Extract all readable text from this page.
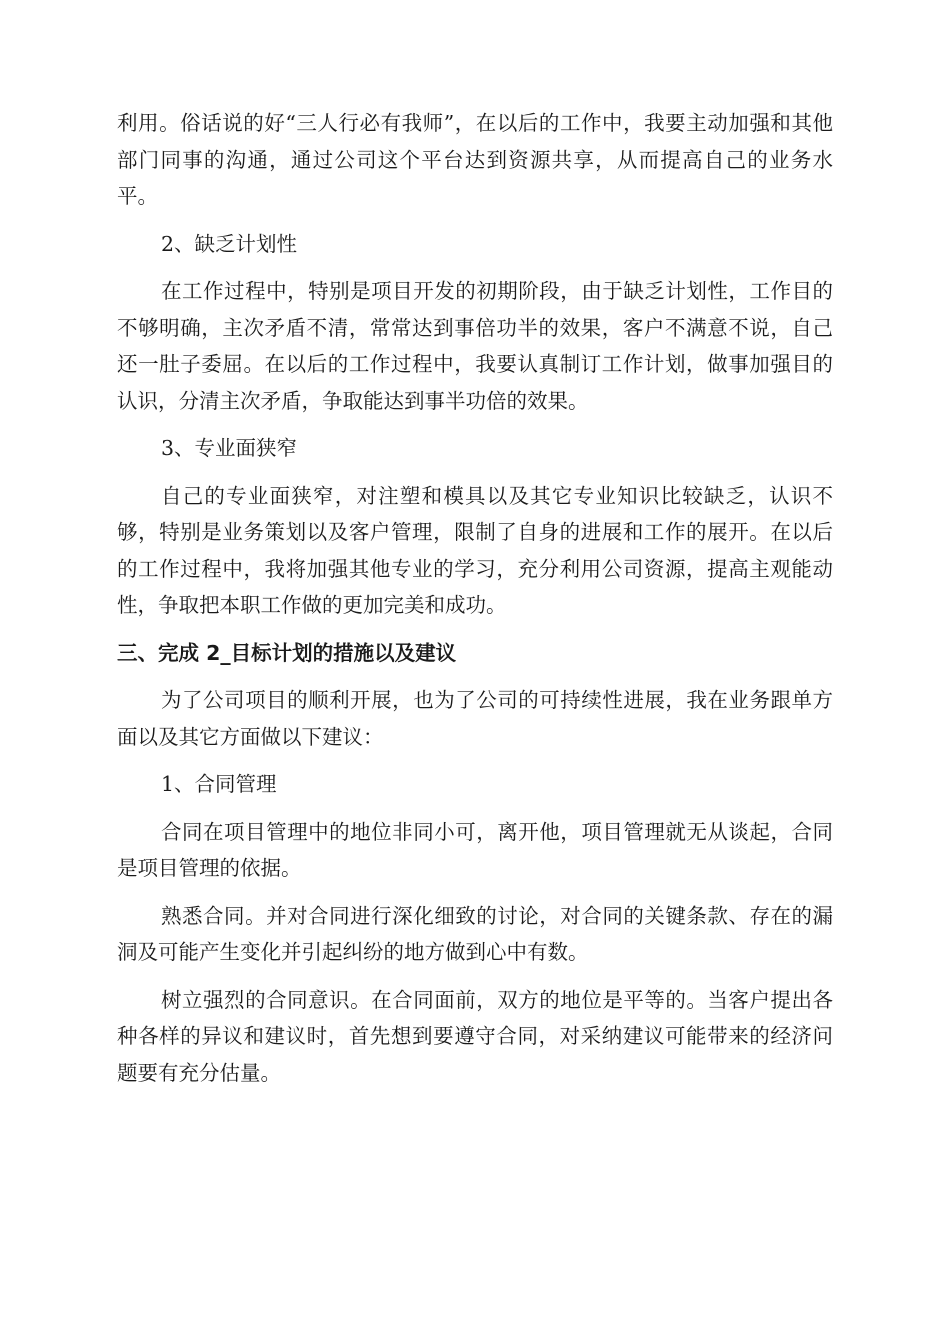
利用。俗话说的好“三人行必有我师”，在以后的工作中，我要主动加强和其他部门同事的沟通，通过公司这个平台达到资源共享，从而提高自己的业务水平。

2、缺乏计划性

在工作过程中，特别是项目开发的初期阶段，由于缺乏计划性，工作目的不够明确，主次矛盾不清，常常达到事倍功半的效果，客户不满意不说，自己还一肚子委屈。在以后的工作过程中，我要认真制订工作计划，做事加强目的认识，分清主次矛盾，争取能达到事半功倍的效果。

3、专业面狭窄

自己的专业面狭窄，对注塑和模具以及其它专业知识比较缺乏，认识不够，特别是业务策划以及客户管理，限制了自身的进展和工作的展开。在以后的工作过程中，我将加强其他专业的学习，充分利用公司资源，提高主观能动性，争取把本职工作做的更加完美和成功。

三、完成 2_目标计划的措施以及建议

为了公司项目的顺利开展，也为了公司的可持续性进展，我在业务跟单方面以及其它方面做以下建议：

1、合同管理

合同在项目管理中的地位非同小可，离开他，项目管理就无从谈起，合同是项目管理的依据。

熟悉合同。并对合同进行深化细致的讨论，对合同的关键条款、存在的漏洞及可能产生变化并引起纠纷的地方做到心中有数。

树立强烈的合同意识。在合同面前，双方的地位是平等的。当客户提出各种各样的异议和建议时，首先想到要遵守合同，对采纳建议可能带来的经济问题要有充分估量。
